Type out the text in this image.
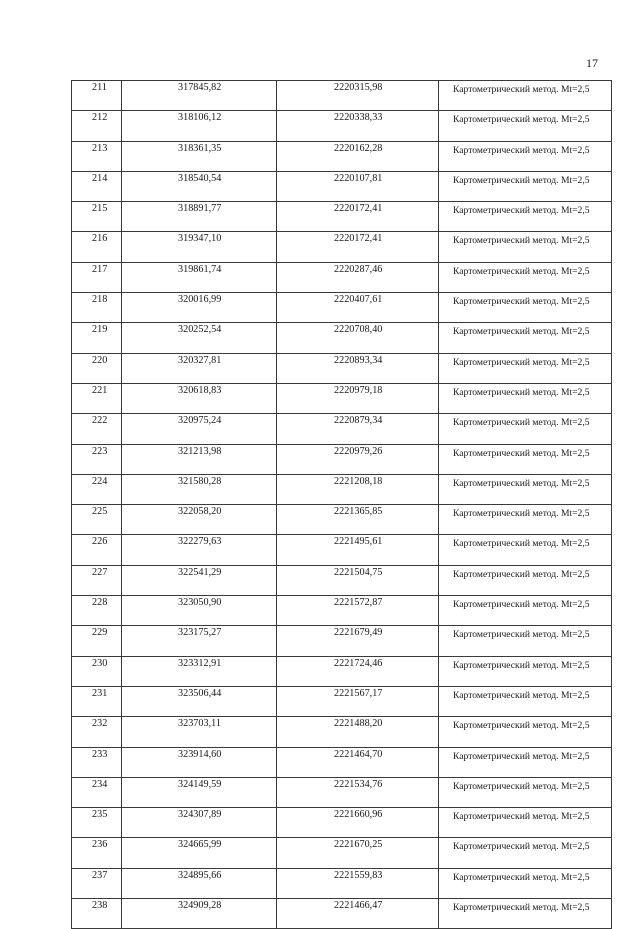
17
211	317845,82	2220315,98	Картометрический метод. Mt=2,5
212	318106,12	2220338,33	Картометрический метод. Mt=2,5
213	318361,35	2220162,28	Картометрический метод. Mt=2,5
214	318540,54	2220107,81	Картометрический метод. Mt=2,5
215	318891,77	2220172,41	Картометрический метод. Mt=2,5
216	319347,10	2220172,41	Картометрический метод. Mt=2,5
217	319861,74	2220287,46	Картометрический метод. Mt=2,5
218	320016,99	2220407,61	Картометрический метод. Mt=2,5
219	320252,54	2220708,40	Картометрический метод. Mt=2,5
220	320327,81	2220893,34	Картометрический метод. Mt=2,5
221	320618,83	2220979,18	Картометрический метод. Mt=2,5
222	320975,24	2220879,34	Картометрический метод. Mt=2,5
223	321213,98	2220979,26	Картометрический метод. Mt=2,5
224	321580,28	2221208,18	Картометрический метод. Mt=2,5
225	322058,20	2221365,85	Картометрический метод. Mt=2,5
226	322279,63	2221495,61	Картометрический метод. Mt=2,5
227	322541,29	2221504,75	Картометрический метод. Mt=2,5
228	323050,90	2221572,87	Картометрический метод. Mt=2,5
229	323175,27	2221679,49	Картометрический метод. Mt=2,5
230	323312,91	2221724,46	Картометрический метод. Mt=2,5
231	323506,44	2221567,17	Картометрический метод. Mt=2,5
232	323703,11	2221488,20	Картометрический метод. Mt=2,5
233	323914,60	2221464,70	Картометрический метод. Mt=2,5
234	324149,59	2221534,76	Картометрический метод. Mt=2,5
235	324307,89	2221660,96	Картометрический метод. Mt=2,5
236	324665,99	2221670,25	Картометрический метод. Mt=2,5
237	324895,66	2221559,83	Картометрический метод. Mt=2,5
238	324909,28	2221466,47	Картометрический метод. Mt=2,5
